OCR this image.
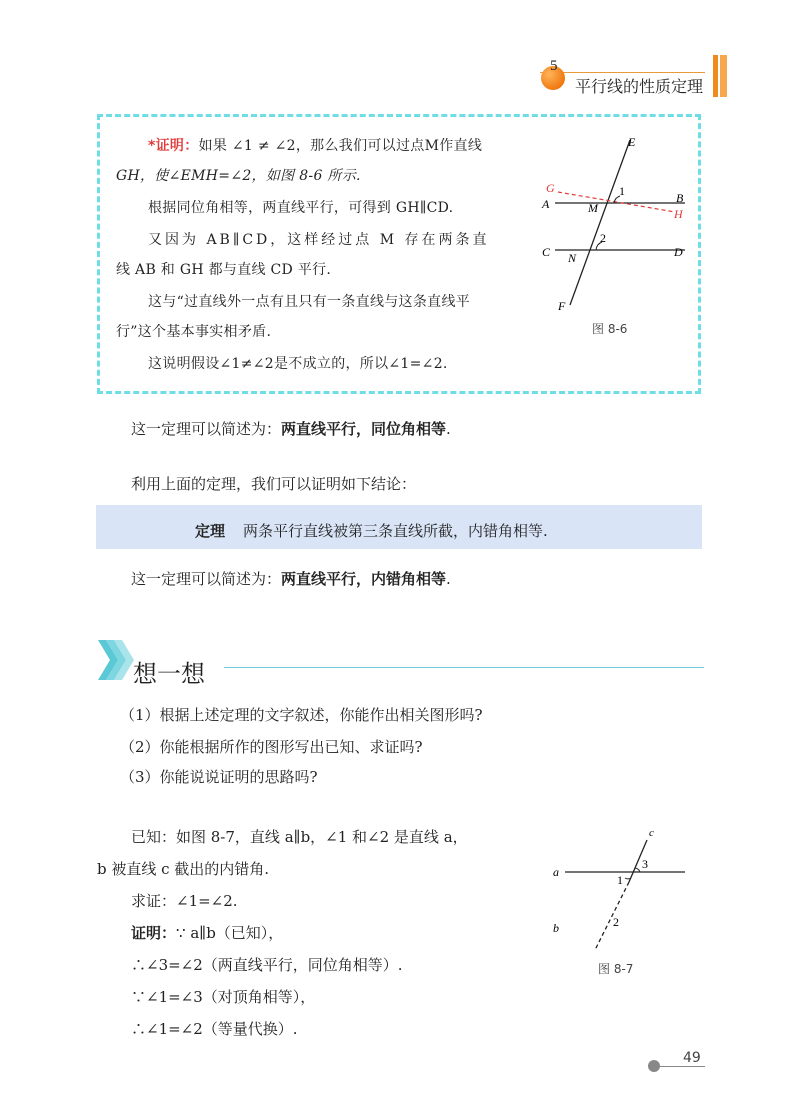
5
平行线的性质定理
*证明：如果 ∠1 ≠ ∠2，那么我们可以过点M作直线
GH，使∠EMH=∠2，如图 8-6 所示.
根据同位角相等，两直线平行，可得到 GH∥CD.
又因为 AB∥CD，这样经过点 M 存在两条直
线 AB 和 GH 都与直线 CD 平行.
这与“过直线外一点有且只有一条直线与这条直线平
行”这个基本事实相矛盾.
这说明假设∠1≠∠2是不成立的，所以∠1=∠2.
E
G	1	B
A	M	H
2
C	D
N
F
图 8-6
这一定理可以简述为：两直线平行，同位角相等.
利用上面的定理，我们可以证明如下结论：
定理 两条平行直线被第三条直线所截，内错角相等.
这一定理可以简述为：两直线平行，内错角相等.
想一想
（1）根据上述定理的文字叙述，你能作出相关图形吗?
（2）你能根据所作的图形写出已知、求证吗?
（3）你能说说证明的思路吗?
已知：如图 8-7，直线 a∥b，∠1 和∠2 是直线 a，
b 被直线 c 截出的内错角.
求证：∠1=∠2.
证明：∵ a∥b（已知），
∴∠3=∠2（两直线平行，同位角相等）.
∵∠1=∠3（对顶角相等），
∴∠1=∠2（等量代换）.
c
a
b
3
1
2
图 8-7
49
